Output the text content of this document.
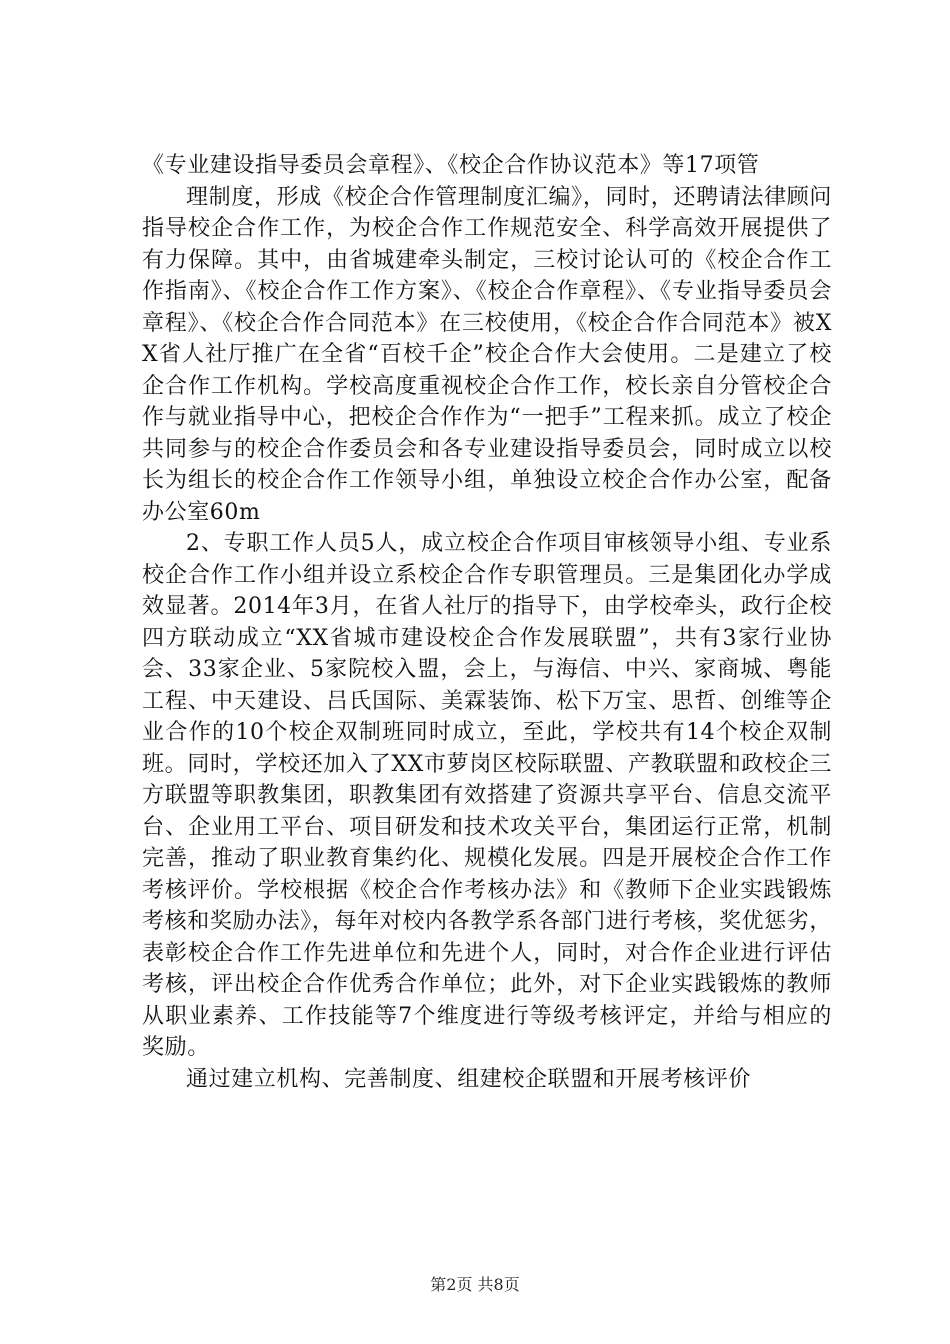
《专业建设指导委员会章程》、《校企合作协议范本》等17项管

理制度，形成《校企合作管理制度汇编》，同时，还聘请法律顾问指导校企合作工作，为校企合作工作规范安全、科学高效开展提供了有力保障。其中，由省城建牵头制定，三校讨论认可的《校企合作工作指南》、《校企合作工作方案》、《校企合作章程》、《专业指导委员会章程》、《校企合作合同范本》在三校使用，《校企合作合同范本》被XX省人社厅推广在全省“百校千企”校企合作大会使用。二是建立了校企合作工作机构。学校高度重视校企合作工作，校长亲自分管校企合作与就业指导中心，把校企合作作为“一把手”工程来抓。成立了校企共同参与的校企合作委员会和各专业建设指导委员会，同时成立以校长为组长的校企合作工作领导小组，单独设立校企合作办公室，配备办公室60m

2、专职工作人员5人，成立校企合作项目审核领导小组、专业系校企合作工作小组并设立系校企合作专职管理员。三是集团化办学成效显著。2014年3月，在省人社厅的指导下，由学校牵头，政行企校四方联动成立“XX省城市建设校企合作发展联盟”，共有3家行业协会、33家企业、5家院校入盟，会上，与海信、中兴、家商城、粤能工程、中天建设、吕氏国际、美霖装饰、松下万宝、思哲、创维等企业合作的10个校企双制班同时成立，至此，学校共有14个校企双制班。同时，学校还加入了XX市萝岗区校际联盟、产教联盟和政校企三方联盟等职教集团，职教集团有效搭建了资源共享平台、信息交流平台、企业用工平台、项目研发和技术攻关平台，集团运行正常，机制完善，推动了职业教育集约化、规模化发展。四是开展校企合作工作考核评价。学校根据《校企合作考核办法》和《教师下企业实践锻炼考核和奖励办法》，每年对校内各教学系各部门进行考核，奖优惩劣，表彰校企合作工作先进单位和先进个人，同时，对合作企业进行评估考核，评出校企合作优秀合作单位；此外，对下企业实践锻炼的教师从职业素养、工作技能等7个维度进行等级考核评定，并给与相应的奖励。

通过建立机构、完善制度、组建校企联盟和开展考核评价

第2页 共8页
